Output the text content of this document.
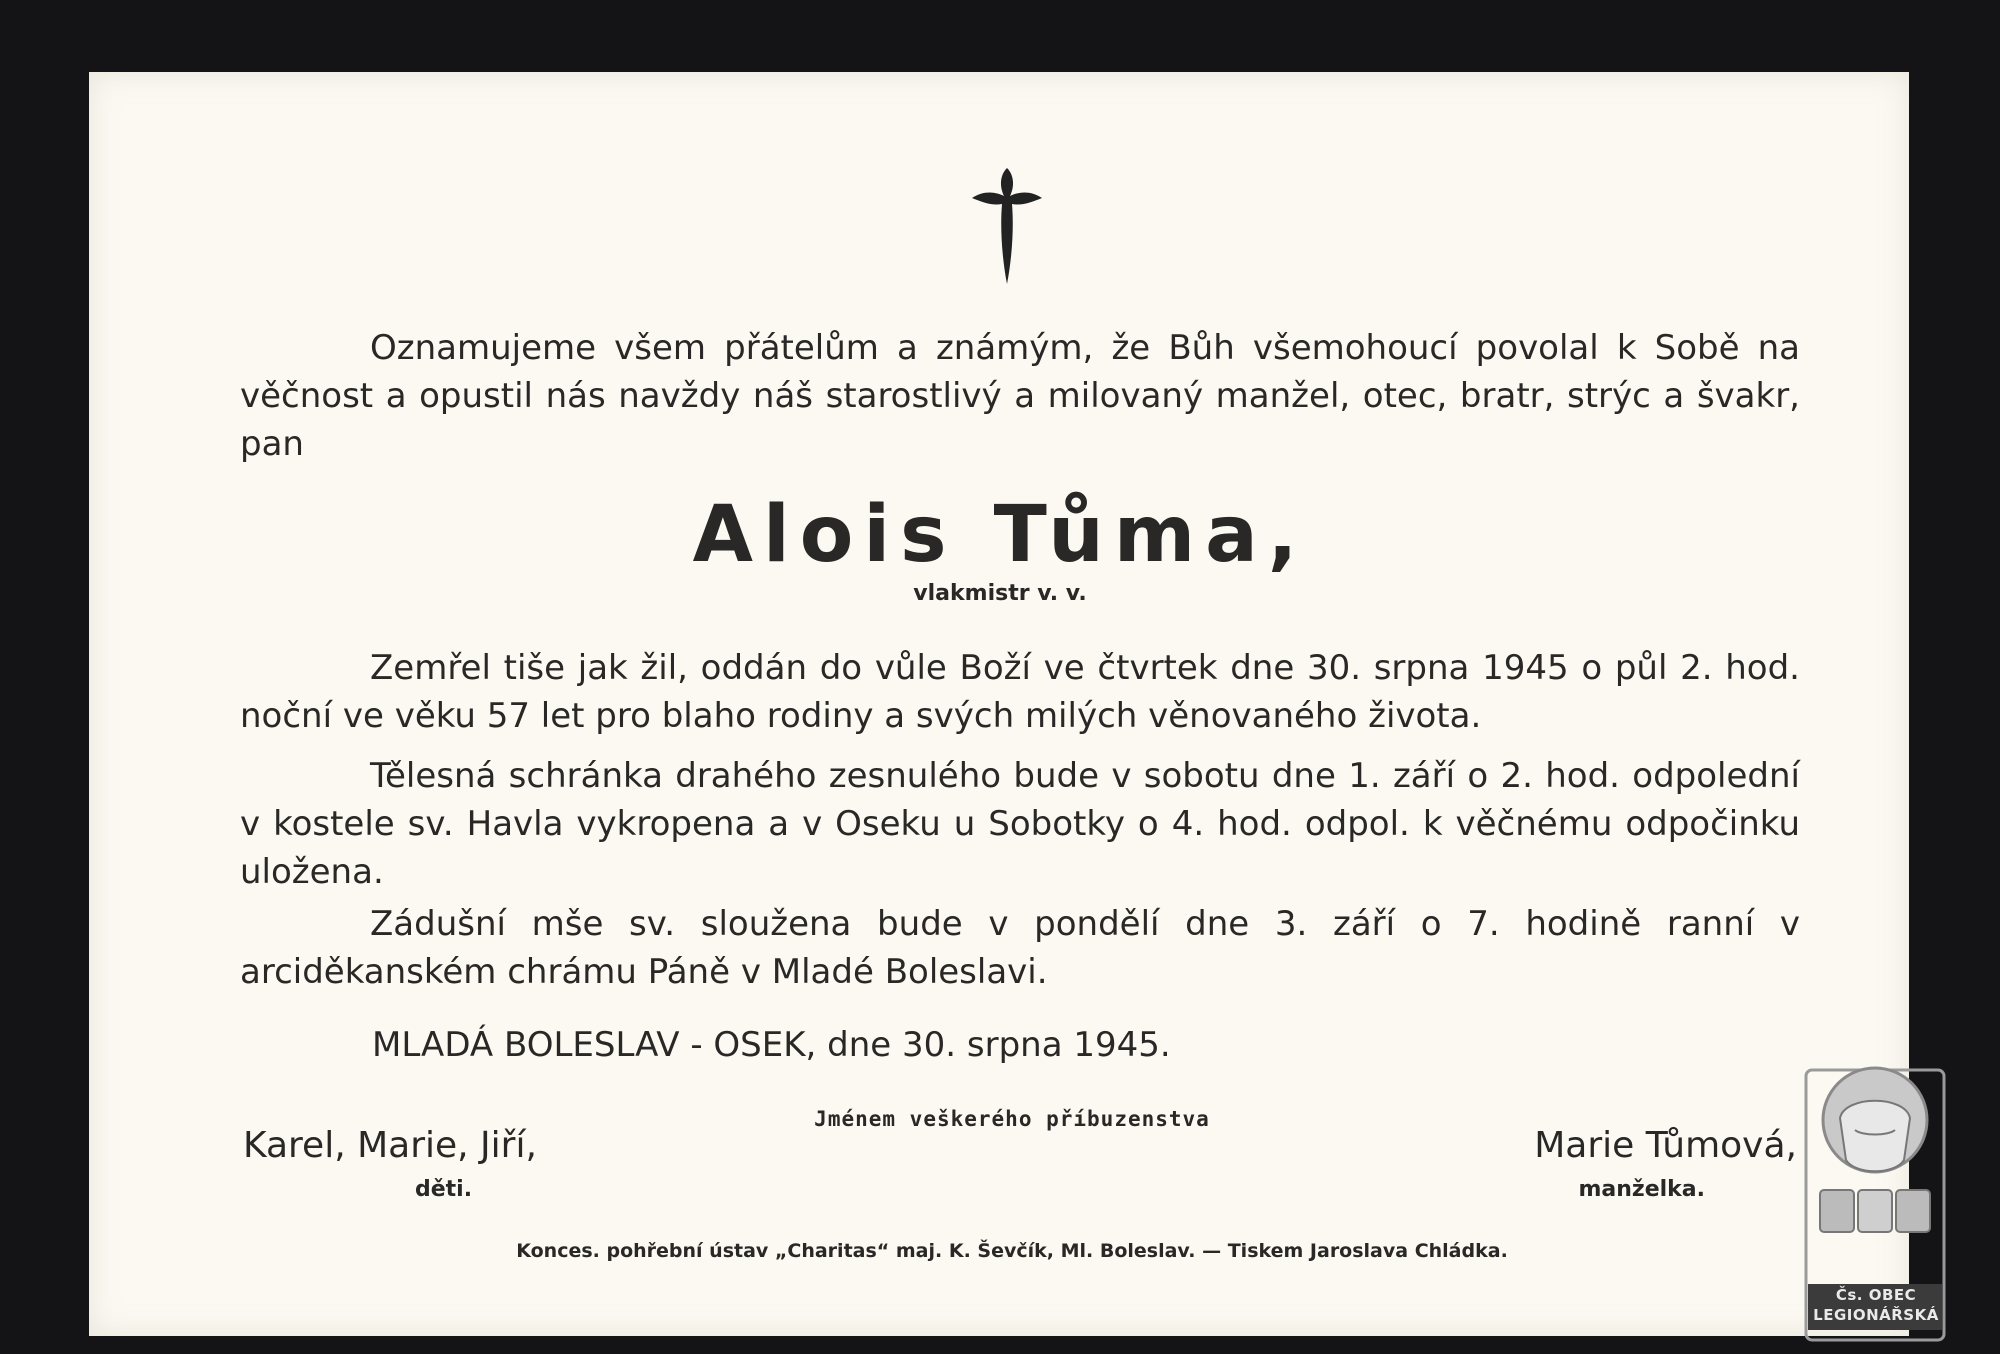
Oznamujeme všem přátelům a známým, že Bůh všemohoucí povolal k Sobě na věčnost a opustil nás navždy náš starostlivý a milovaný manžel, otec, bratr, strýc a švakr, pan
Alois Tůma,
vlakmistr v. v.
Zemřel tiše jak žil, oddán do vůle Boží ve čtvrtek dne 30. srpna 1945 o půl 2. hod. noční ve věku 57 let pro blaho rodiny a svých milých věnovaného života.
Tělesná schránka drahého zesnulého bude v sobotu dne 1. září o 2. hod. odpolední v kostele sv. Havla vykropena a v Oseku u Sobotky o 4. hod. odpol. k věčnému odpočinku uložena.
Zádušní mše sv. sloužena bude v pondělí dne 3. září o 7. hodině ranní v arciděkanském chrámu Páně v Mladé Boleslavi.
MLADÁ BOLESLAV - OSEK, dne 30. srpna 1945.
Jménem veškerého příbuzenstva
Karel, Marie, Jiří,
děti.
Marie Tůmová,
manželka.
Konces. pohřební ústav „Charitas“ maj. K. Ševčík, Ml. Boleslav. — Tiskem Jaroslava Chládka.
Čs. OBEC
LEGIONÁŘSKÁ
